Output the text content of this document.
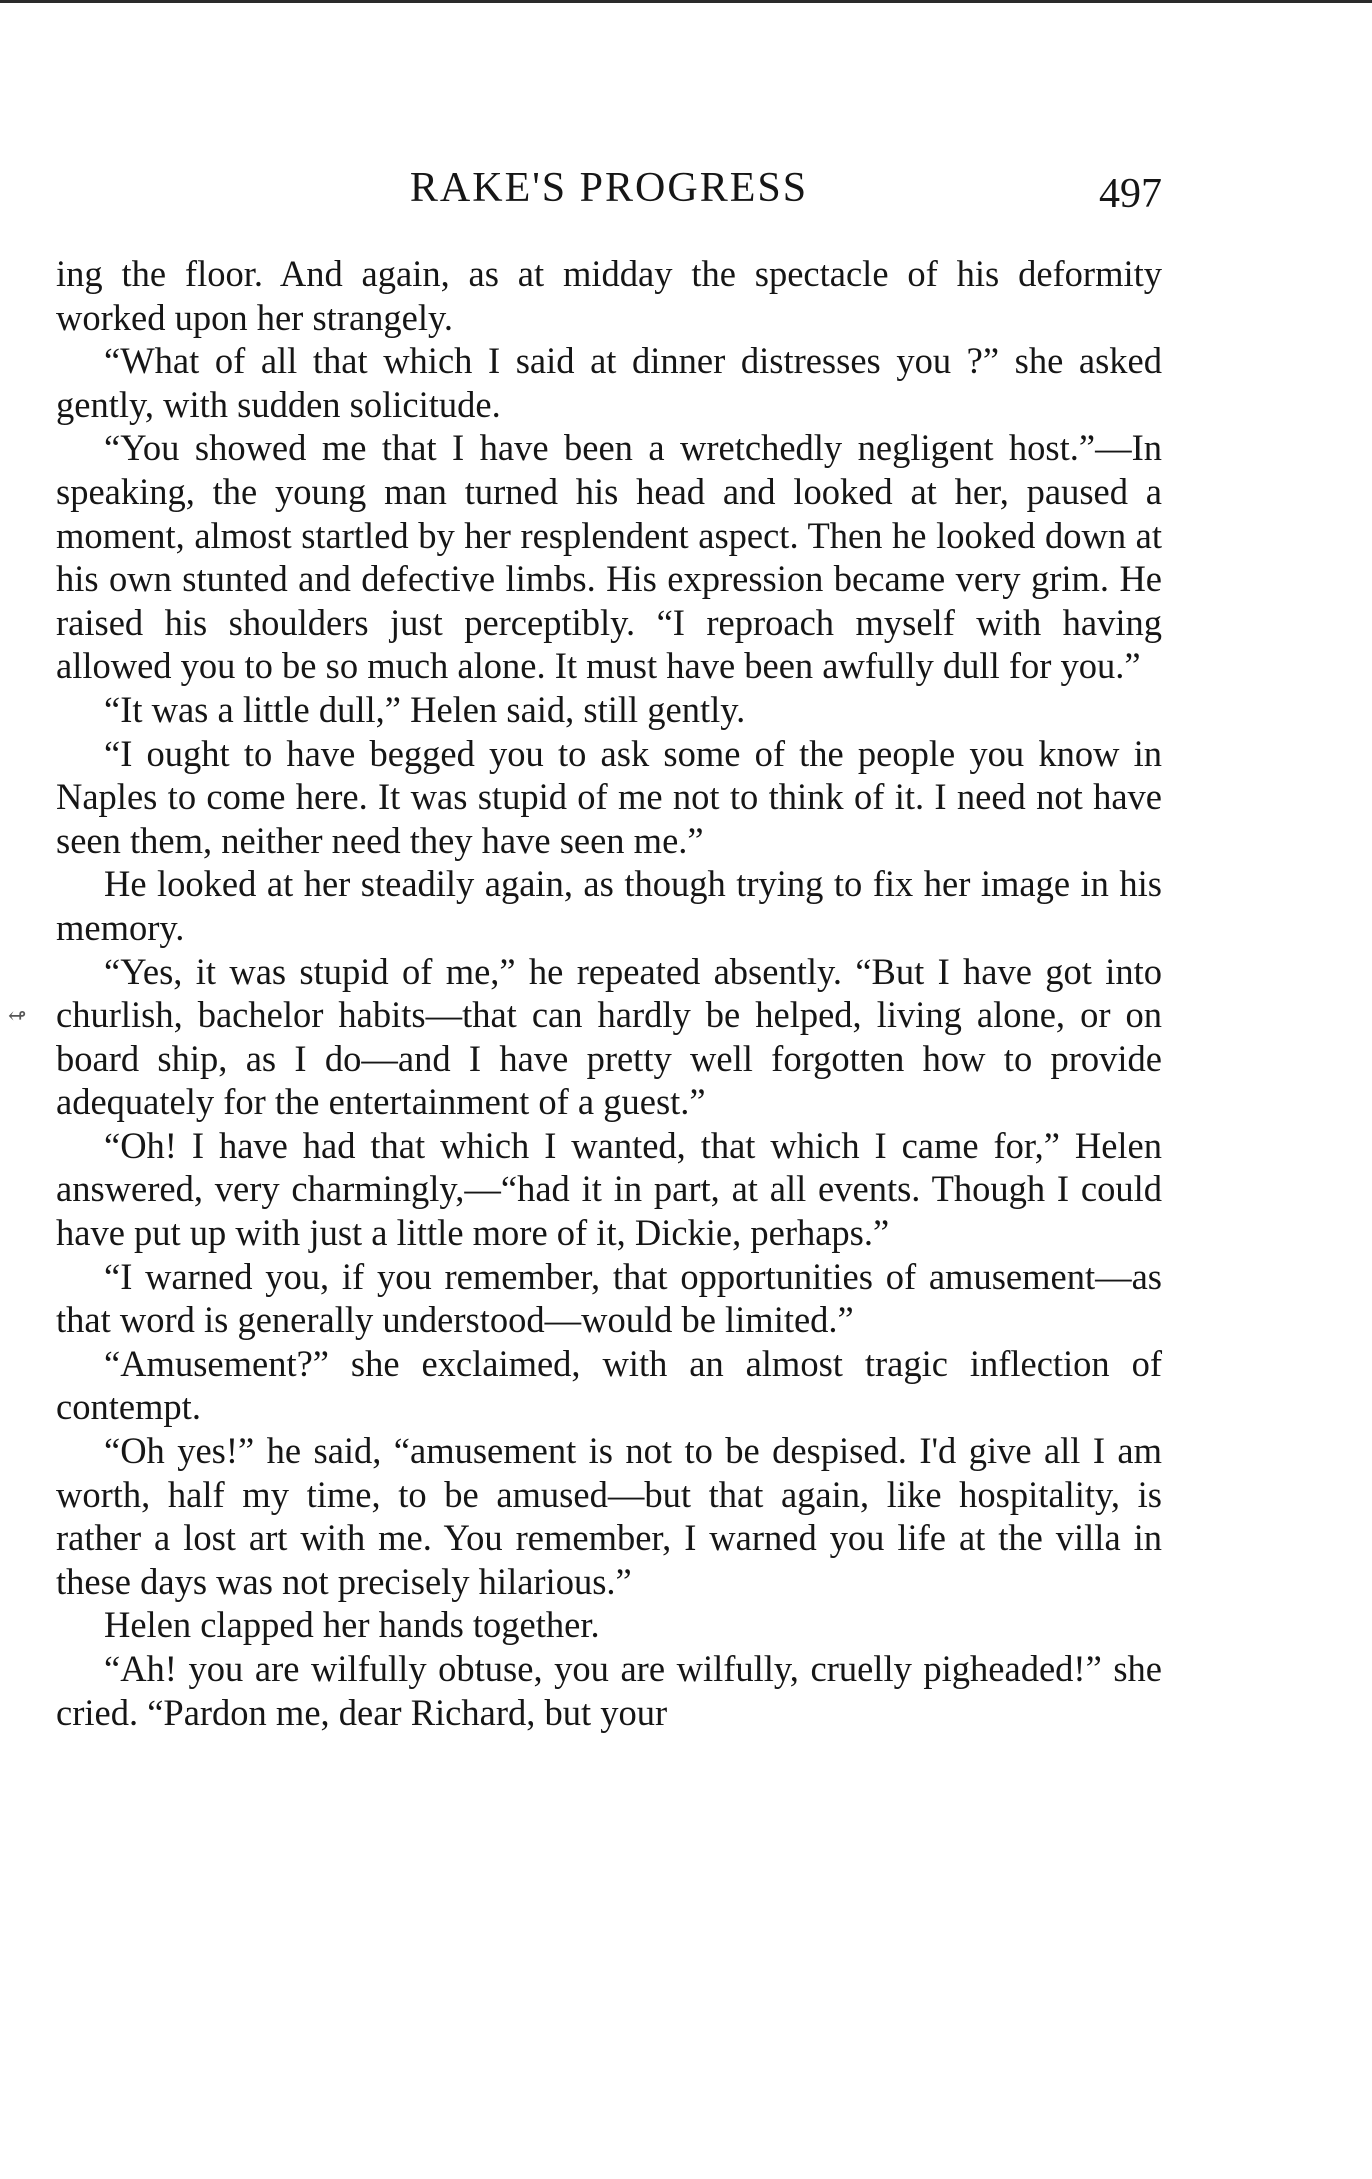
RAKE'S PROGRESS	497
↫

ing the floor. And again, as at midday the spectacle of his deformity worked upon her strangely.

“What of all that which I said at dinner distresses you ?” she asked gently, with sudden solicitude.

“You showed me that I have been a wretchedly negligent host.”—In speaking, the young man turned his head and looked at her, paused a moment, almost startled by her resplendent aspect. Then he looked down at his own stunted and defective limbs. His expression became very grim. He raised his shoulders just perceptibly. “I reproach myself with having allowed you to be so much alone. It must have been awfully dull for you.”

“It was a little dull,” Helen said, still gently.

“I ought to have begged you to ask some of the people you know in Naples to come here. It was stupid of me not to think of it. I need not have seen them, neither need they have seen me.”

He looked at her steadily again, as though trying to fix her image in his memory.

“Yes, it was stupid of me,” he repeated absently. “But I have got into churlish, bachelor habits—that can hardly be helped, living alone, or on board ship, as I do—and I have pretty well forgotten how to provide adequately for the entertainment of a guest.”

“Oh! I have had that which I wanted, that which I came for,” Helen answered, very charmingly,—“had it in part, at all events. Though I could have put up with just a little more of it, Dickie, perhaps.”

“I warned you, if you remember, that opportunities of amusement—as that word is generally understood—would be limited.”

“Amusement?” she exclaimed, with an almost tragic inflection of contempt.

“Oh yes!” he said, “amusement is not to be despised. I'd give all I am worth, half my time, to be amused—but that again, like hospitality, is rather a lost art with me. You remember, I warned you life at the villa in these days was not precisely hilarious.”

Helen clapped her hands together.

“Ah! you are wilfully obtuse, you are wilfully, cruelly pigheaded!” she cried. “Pardon me, dear Richard, but your
